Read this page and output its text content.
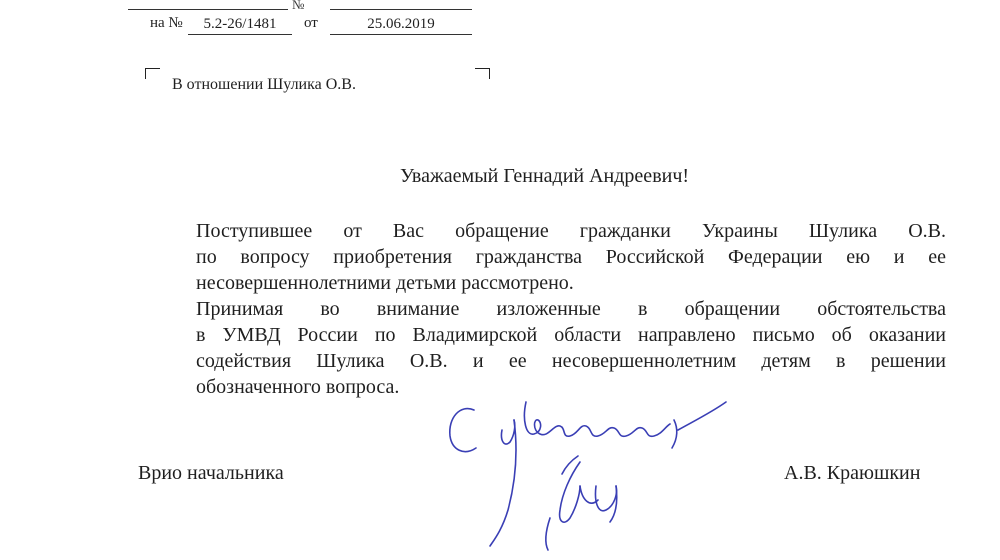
№
на №	5.2-26/1481	от	25.06.2019
В отношении Шулика О.В.
Уважаемый Геннадий Андреевич!
Поступившее от Вас обращение гражданки Украины Шулика О.В.
по вопросу приобретения гражданства Российской Федерации ею и ее
несовершеннолетними детьми рассмотрено.
Принимая во внимание изложенные в обращении обстоятельства
в УМВД России по Владимирской области направлено письмо об оказании
содействия Шулика О.В. и ее несовершеннолетним детям в решении
обозначенного вопроса.
Врио начальника	А.В. Краюшкин
